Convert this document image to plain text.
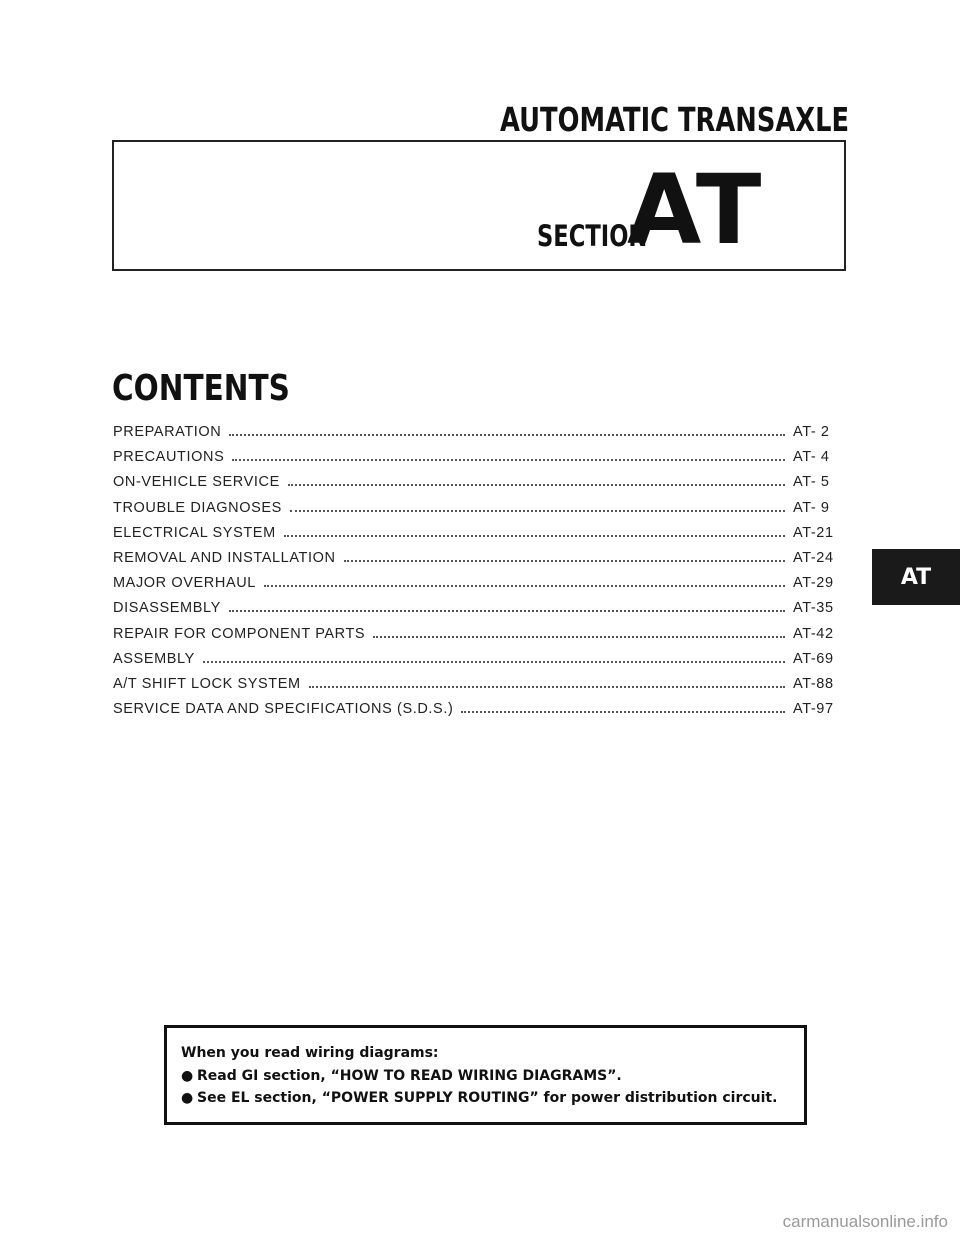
AUTOMATIC TRANSAXLE
SECTION
AT
CONTENTS
PREPARATION	AT- 2
PRECAUTIONS	AT- 4
ON-VEHICLE SERVICE	AT- 5
TROUBLE DIAGNOSES	AT- 9
ELECTRICAL SYSTEM	AT-21
REMOVAL AND INSTALLATION	AT-24
MAJOR OVERHAUL	AT-29
DISASSEMBLY	AT-35
REPAIR FOR COMPONENT PARTS	AT-42
ASSEMBLY	AT-69
A/T SHIFT LOCK SYSTEM	AT-88
SERVICE DATA AND SPECIFICATIONS (S.D.S.)	AT-97
AT
When you read wiring diagrams:
● Read GI section, “HOW TO READ WIRING DIAGRAMS”.
● See EL section, “POWER SUPPLY ROUTING” for power distribution circuit.
carmanualsonline.info
